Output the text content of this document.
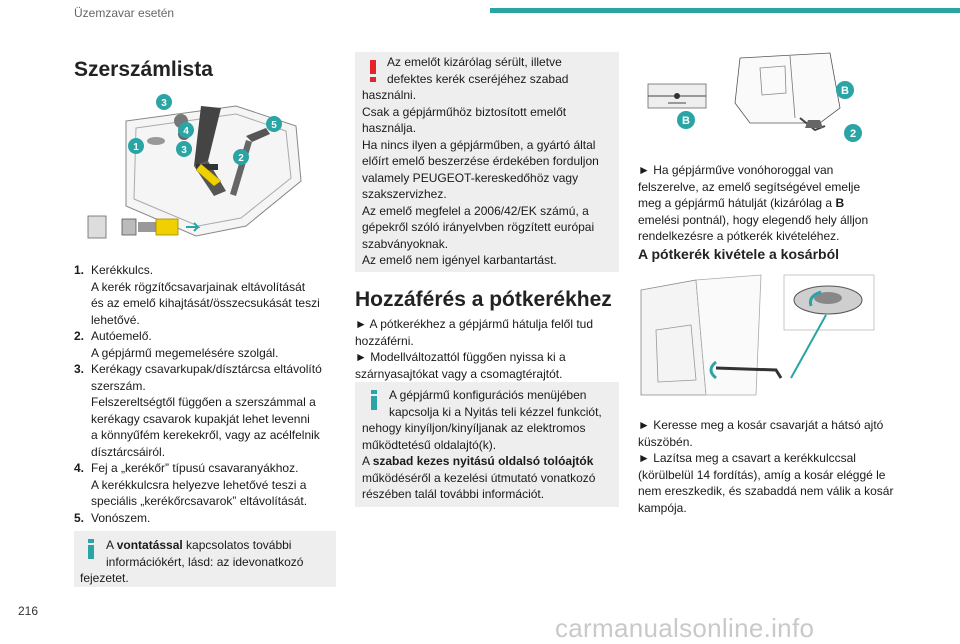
Üzemzavar esetén
Szerszámlista
3
4
5
1	3
2
1. Kerékkulcs.
A kerék rögzítőcsavarjainak eltávolítását
és az emelő kihajtását/összecsukását teszi
lehetővé.
2. Autóemelő.
A gépjármű megemelésére szolgál.
3. Kerékagy csavarkupak/dísztárcsa eltávolító
szerszám.
Felszereltségtől függően a szerszámmal a
kerékagy csavarok kupakját lehet levenni
a könnyűfém kerekekről, vagy az acélfelnik
dísztárcsáiról.
4. Fej a „kerékőr” típusú csavaranyákhoz.
A kerékkulcsra helyezve lehetővé teszi a
speciális „kerékőrcsavarok” eltávolítását.
5. Vonószem.
A vontatással kapcsolatos további
információkért, lásd: az idevonatkozó
fejezetet.
Az emelőt kizárólag sérült, illetve
defektes kerék cseréjéhez szabad
használni.
Csak a gépjárműhöz biztosított emelőt
használja.
Ha nincs ilyen a gépjárműben, a gyártó által
előírt emelő beszerzése érdekében forduljon
valamely PEUGEOT-kereskedőhöz vagy
szakszervizhez.
Az emelő megfelel a 2006/42/EK számú, a
gépekről szóló irányelvben rögzített európai
szabványoknak.
Az emelő nem igényel karbantartást.
Hozzáférés a pótkerékhez
► A pótkerékhez a gépjármű hátulja felől tud
hozzáférni.
► Modellváltozattól függően nyissa ki a
szárnyasajtókat vagy a csomagtérajtót.
A gépjármű konfigurációs menüjében
kapcsolja ki a Nyitás teli kézzel funkciót,
nehogy kinyíljon/kinyíljanak az elektromos
működtetésű oldalajtó(k).
A szabad kezes nyitású oldalsó tolóajtók
működéséről a kezelési útmutató vonatkozó
részében talál további információt.
B
B
2
► Ha gépjárműve vonóhoroggal van
felszerelve, az emelő segítségével emelje
meg a gépjármű hátulját (kizárólag a B
emelési pontnál), hogy elegendő hely álljon
rendelkezésre a pótkerék kivételéhez.
A pótkerék kivétele a kosárból
► Keresse meg a kosár csavarját a hátsó ajtó
küszöbén.
► Lazítsa meg a csavart a kerékkulccsal
(körülbelül 14 fordítás), amíg a kosár eléggé le
nem ereszkedik, és szabaddá nem válik a kosár
kampója.
216
carmanualsonline.info
